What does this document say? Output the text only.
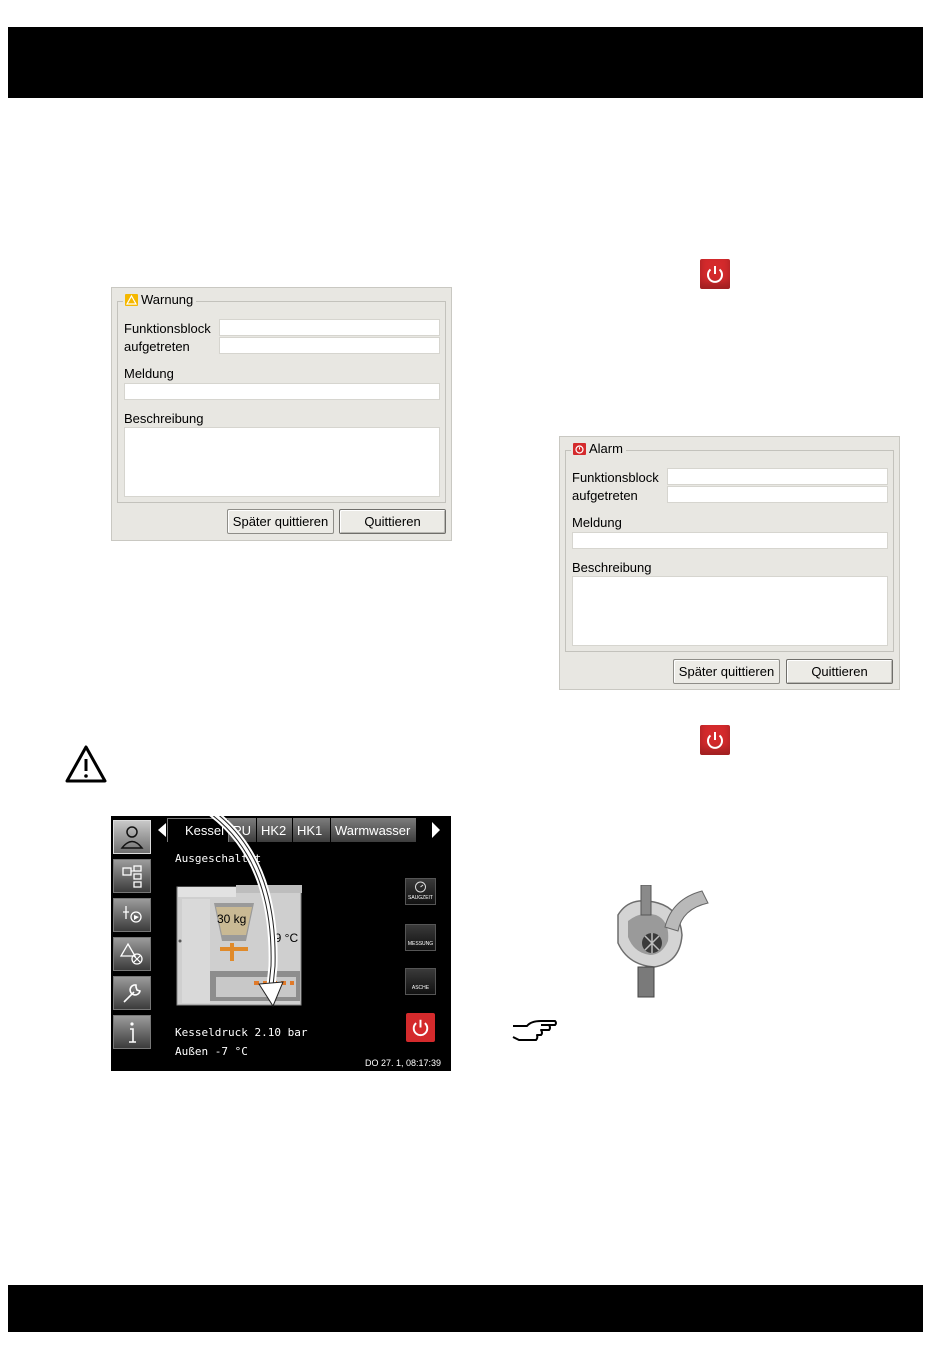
Warnung
Funktionsblock
aufgetreten
Meldung
Beschreibung
Später quittieren	Quittieren
Alarm
Funktionsblock
aufgetreten
Meldung
Beschreibung
Später quittieren	Quittieren
Kessel PU HK2 HK1 Warmwasser
Ausgeschaltet
30 kg
39 °C
Kesseldruck 2.10 bar
Außen -7 °C
DO 27. 1, 08:17:39
SAUGZEIT
MESSUNG
ASCHE
